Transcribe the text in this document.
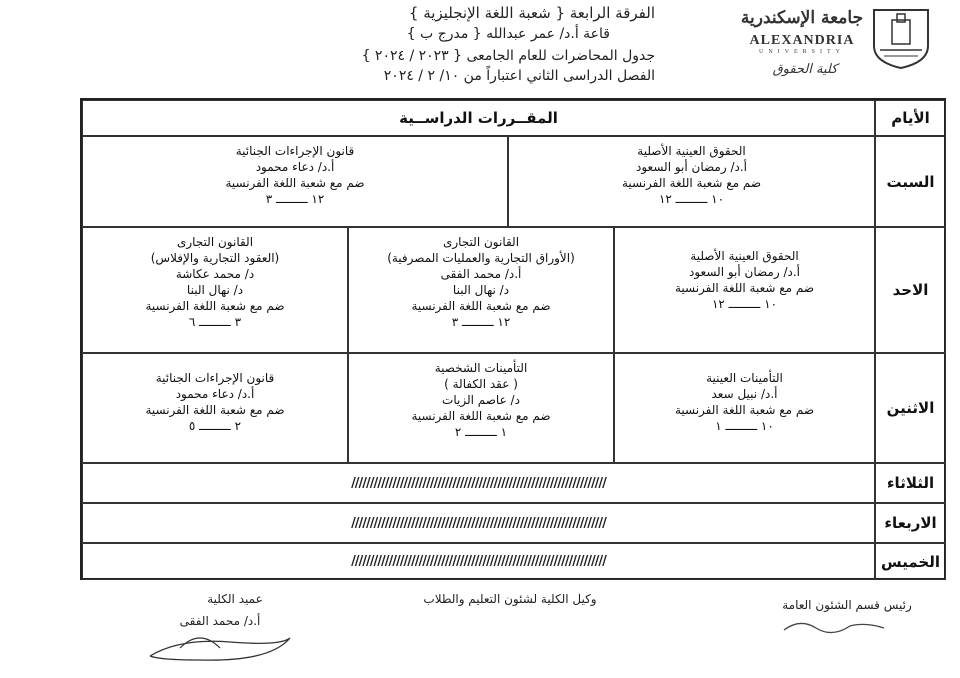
جامعة الإسكندرية
ALEXANDRIA
UNIVERSITY
كلية الحقوق
الفرقة الرابعة { شعبة اللغة الإنجليزية }
قاعة أ.د/ عمر عبدالله { مدرج ب }
جدول المحاضرات للعام الجامعى { ٢٠٢٣ / ٢٠٢٤ }
الفصل الدراسى الثاني اعتباراً من ١٠/ ٢ / ٢٠٢٤
الأيام
المقــررات الدراســية
السبت
الحقوق العينية الأصلية
أ.د/ رمضان أبو السعود
ضم مع شعبة اللغة الفرنسية
١٠ ـــــــــ ١٢
قانون الإجراءات الجنائية
أ.د/ دعاء محمود
ضم مع شعبة اللغة الفرنسية
١٢ ـــــــــ ٣
الاحد
الحقوق العينية الأصلية
أ.د/ رمضان أبو السعود
ضم مع شعبة اللغة الفرنسية
١٠ ـــــــــ ١٢
القانون التجارى
(الأوراق التجارية والعمليات المصرفية)
أ.د/ محمد الفقى
د/ نهال البنا
ضم مع شعبة اللغة الفرنسية
١٢ ـــــــــ ٣
القانون التجارى
(العقود التجارية والإفلاس)
د/ محمد عكاشة
د/ نهال البنا
ضم مع شعبة اللغة الفرنسية
٣ ـــــــــ ٦
الاثنين
التأمينات العينية
أ.د/ نبيل سعد
ضم مع شعبة اللغة الفرنسية
١٠ ـــــــــ ١
التأمينات الشخصية
( عقد الكفالة )
د/ عاصم الزيات
ضم مع شعبة اللغة الفرنسية
١ ـــــــــ ٢
قانون الإجراءات الجنائية
أ.د/ دعاء محمود
ضم مع شعبة اللغة الفرنسية
٢ ـــــــــ ٥
الثلاثاء
////////////////////////////////////////////////////////////////////
الاربعاء
////////////////////////////////////////////////////////////////////
الخميس
////////////////////////////////////////////////////////////////////
رئيس قسم الشئون العامة
وكيل الكلية لشئون التعليم والطلاب
عميد الكلية
أ.د/ محمد الفقى
